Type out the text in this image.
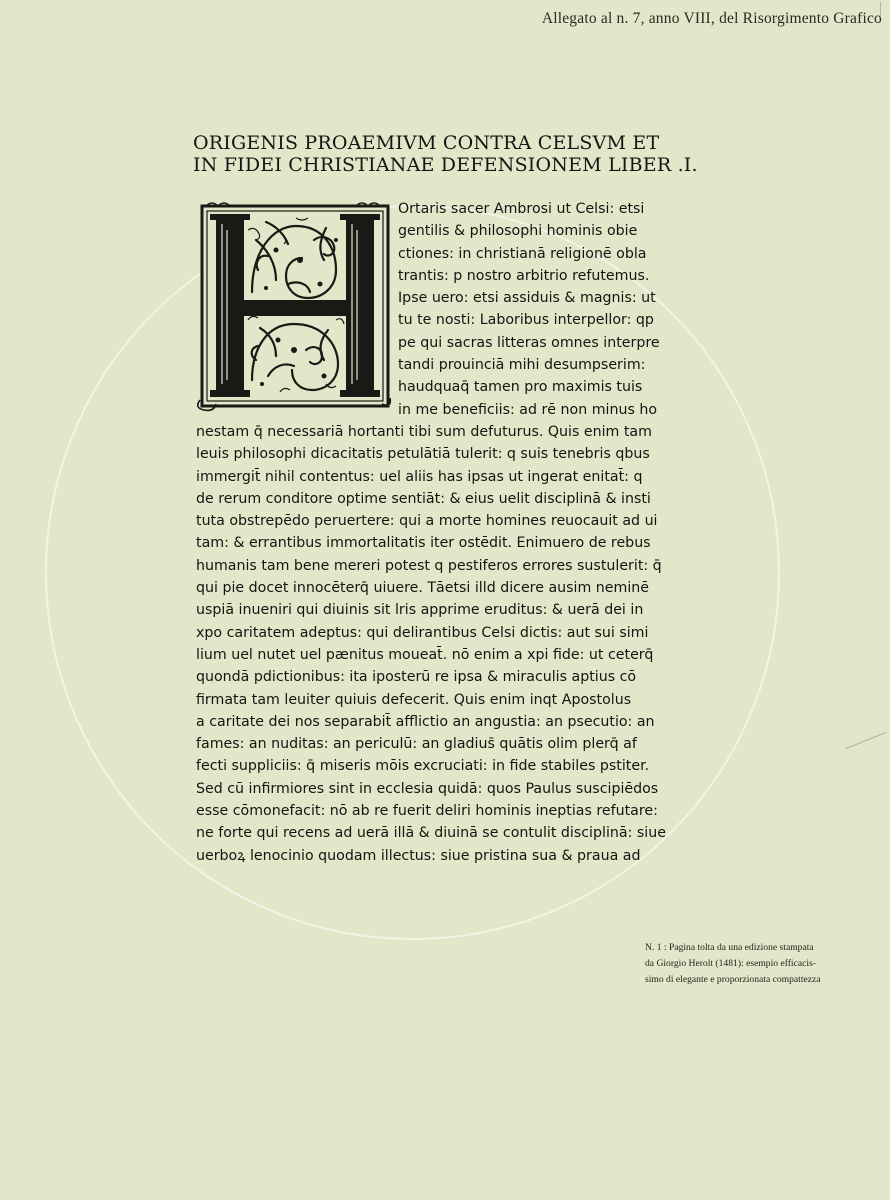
Allegato al n. 7, anno VIII, del Risorgimento Grafico
ORIGENIS PROAEMIVM CONTRA CELSVM ET
IN FIDEI CHRISTIANAE DEFENSIONEM LIBER .I.
Ortaris sacer Ambrosi ut Celsi: etsi
gentilis & philosophi hominis obie
ctiones: in christianā religionē obla
trantis: p nostro arbitrio refutemus.
Ipse uero: etsi assiduis & magnis: ut
tu te nosti: Laboribus interpellor: qp
pe qui sacras litteras omnes interpre
tandi prouinciā mihi desumpserim:
haudquaq̄ tamen pro maximis tuis
in me beneficiis: ad rē non minus ho
nestam q̄ necessariā hortanti tibi sum defuturus. Quis enim tam
leuis philosophi dicacitatis petulātiā tulerit: q suis tenebris qbus
immergit̄ nihil contentus: uel aliis has ipsas ut ingerat enitat̄: q
de rerum conditore optime sentiāt: & eius uelit disciplinā & insti
tuta obstrepēdo peruertere: qui a morte homines reuocauit ad ui
tam: & errantibus immortalitatis iter ostēdit. Enimuero de rebus
humanis tam bene mereri potest q pestiferos errores sustulerit: q̄
qui pie docet innocēterq̄ uiuere. Tāetsi illd dicere ausim neminē
uspiā inueniri qui diuinis sit lris apprime eruditus: & uerā dei in
xpo caritatem adeptus: qui delirantibus Celsi dictis: aut sui simi
lium uel nutet uel pænitus moueat̄. nō enim a xpi fide: ut ceterq̄
quondā pdictionibus: ita iposterū re ipsa & miraculis aptius cō
firmata tam leuiter quiuis defecerit. Quis enim inqt Apostolus
a caritate dei nos separabit̄ afflictio an angustia: an psecutio: an
fames: an nuditas: an periculū: an gladius̄ quātis olim plerq̄ af
fecti suppliciis: q̄ miseris mōis excruciati: in fide stabiles pstiter.
Sed cū infirmiores sint in ecclesia quidā: quos Paulus suscipiēdos
esse cōmonefacit: nō ab re fuerit deliri hominis ineptias refutare:
ne forte qui recens ad uerā illā & diuinā se contulit disciplinā: siue
uerboꝝ lenocinio quodam illectus: siue pristina sua & praua ad
N. 1 : Pagina tolta da una edizione stampata
da Giorgio Herolt (1481): esempio efficacis-
simo di elegante e proporzionata compattezza
